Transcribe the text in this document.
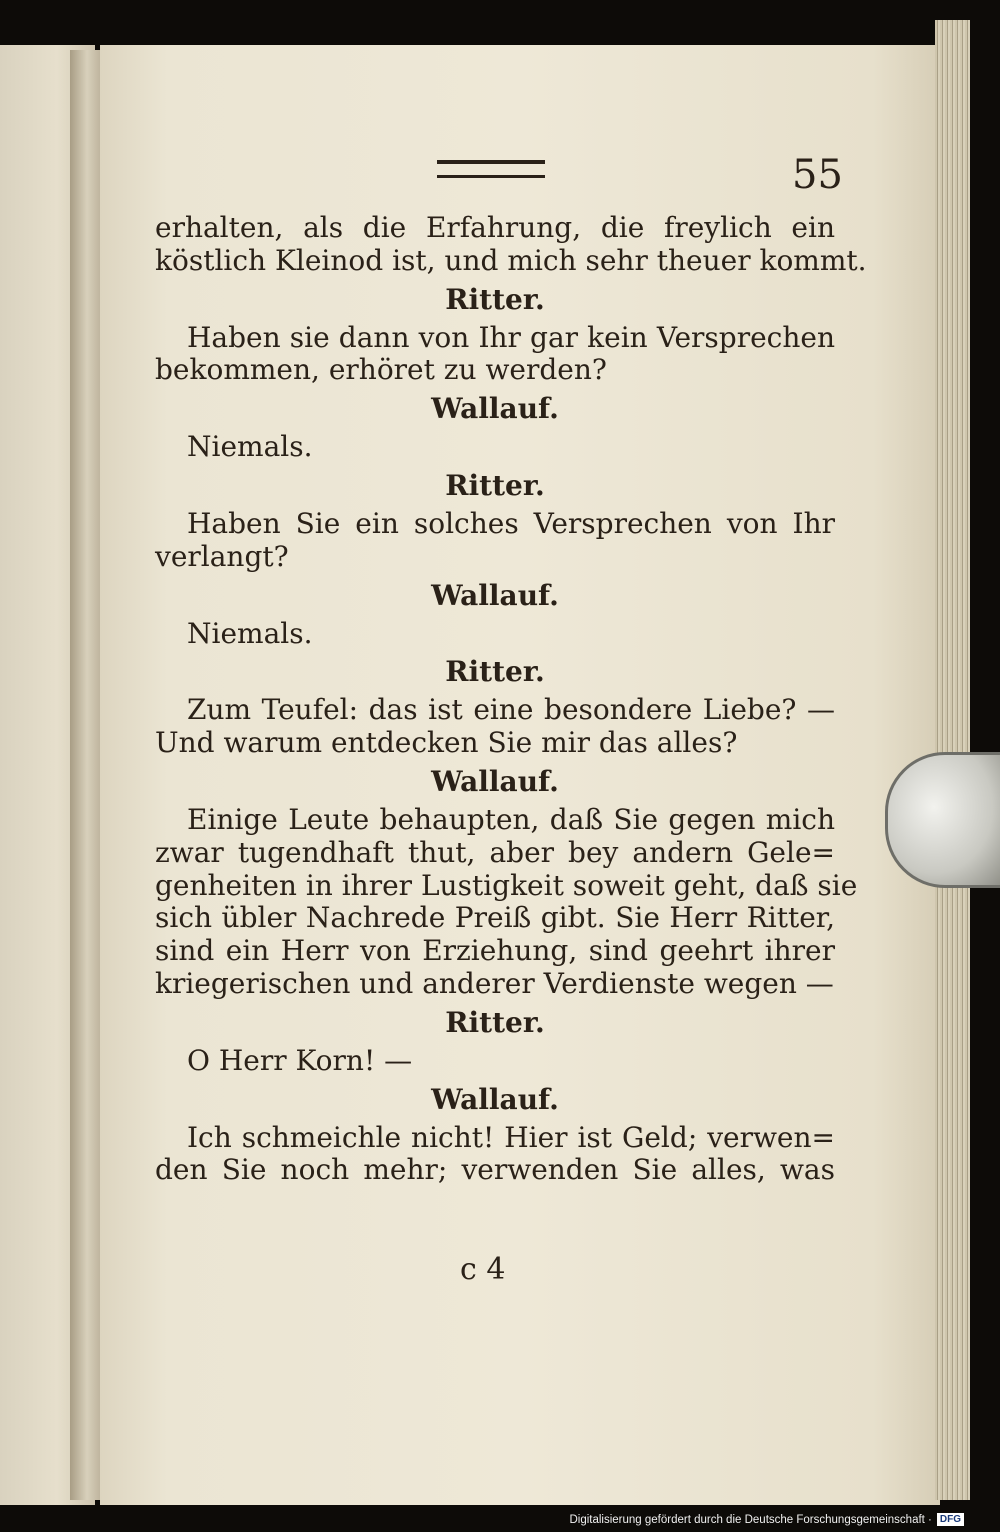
55
erhalten, als die Erfahrung, die freylich ein
köstlich Kleinod ist, und mich sehr theuer kommt.
Ritter.
Haben sie dann von Ihr gar kein Versprechen
bekommen, erhöret zu werden?
Wallauf.
Niemals.
Ritter.
Haben Sie ein solches Versprechen von Ihr
verlangt?
Wallauf.
Niemals.
Ritter.
Zum Teufel: das ist eine besondere Liebe? —
Und warum entdecken Sie mir das alles?
Wallauf.
Einige Leute behaupten, daß Sie gegen mich
zwar tugendhaft thut, aber bey andern Gele=
genheiten in ihrer Lustigkeit soweit geht, daß sie
sich übler Nachrede Preiß gibt. Sie Herr Ritter,
sind ein Herr von Erziehung, sind geehrt ihrer
kriegerischen und anderer Verdienste wegen —
Ritter.
O Herr Korn! —
Wallauf.
Ich schmeichle nicht! Hier ist Geld; verwen=
den Sie noch mehr; verwenden Sie alles, was
c 4
Digitalisierung gefördert durch die Deutsche Forschungsgemeinschaft · DFG
